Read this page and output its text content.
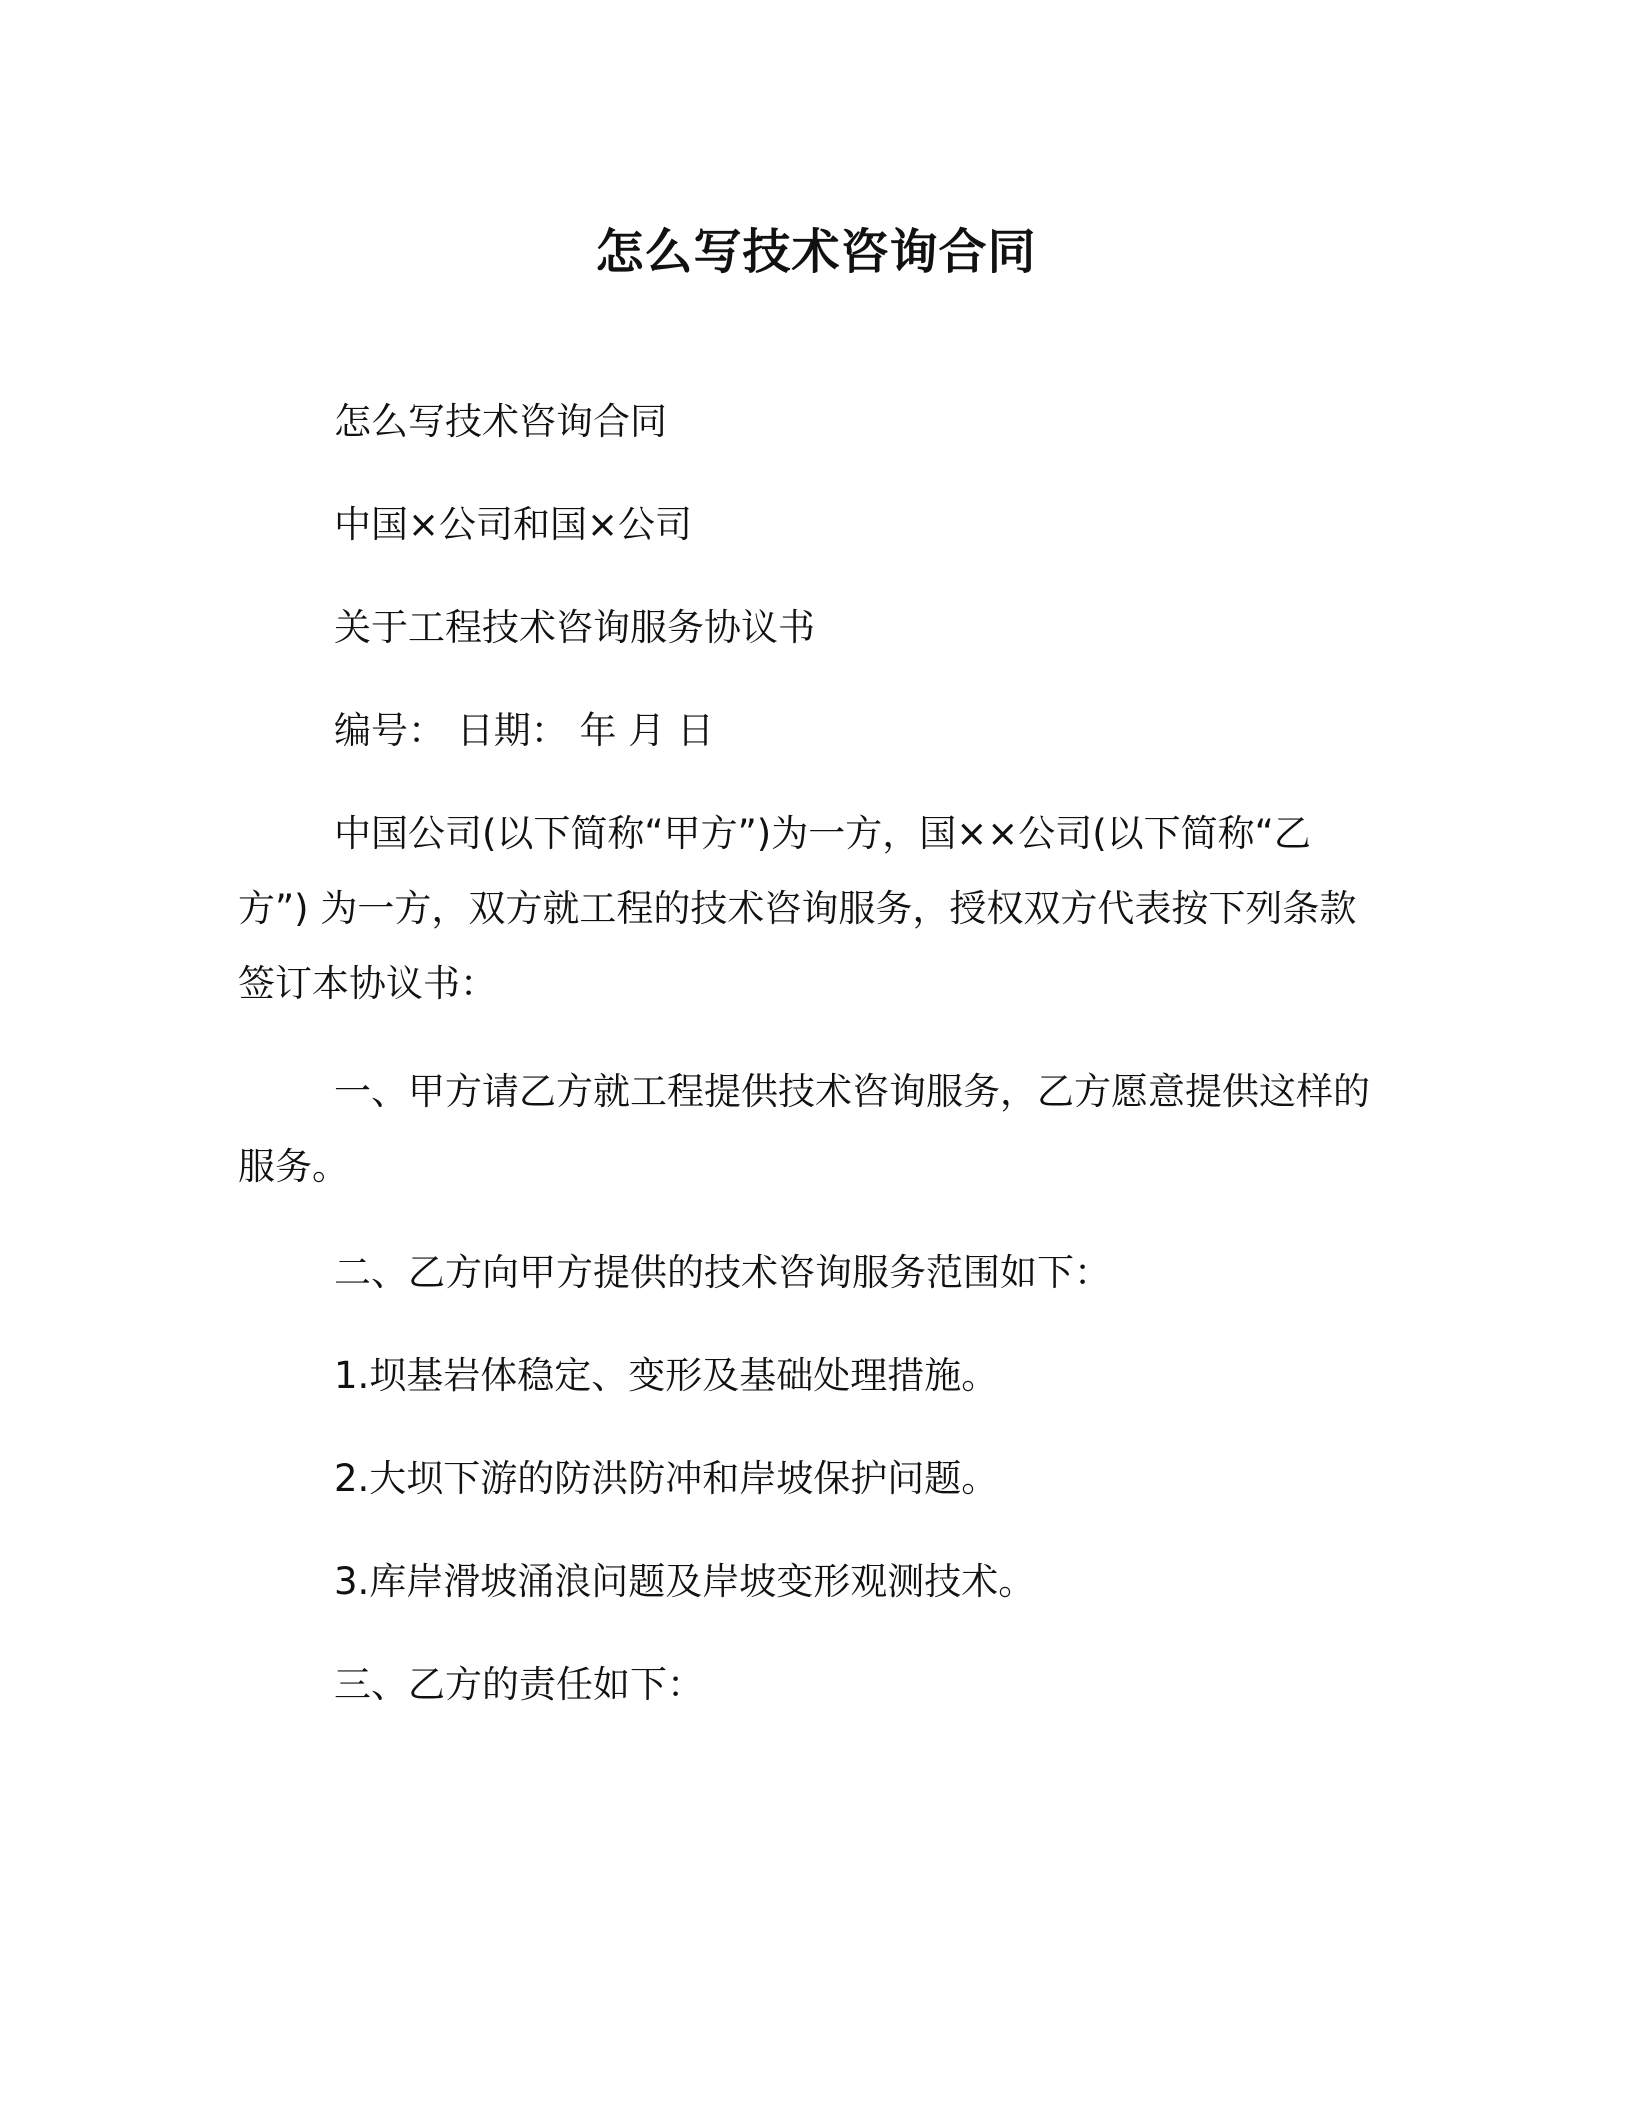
怎么写技术咨询合同
怎么写技术咨询合同
中国×公司和国×公司
关于工程技术咨询服务协议书
编号： 日期： 年 月 日
中国公司(以下简称“甲方”)为一方，国××公司(以下简称“乙
方”) 为一方，双方就工程的技术咨询服务，授权双方代表按下列条款
签订本协议书：
一、甲方请乙方就工程提供技术咨询服务，乙方愿意提供这样的
服务。
二、乙方向甲方提供的技术咨询服务范围如下：
1.坝基岩体稳定、变形及基础处理措施。
2.大坝下游的防洪防冲和岸坡保护问题。
3.库岸滑坡涌浪问题及岸坡变形观测技术。
三、乙方的责任如下：
